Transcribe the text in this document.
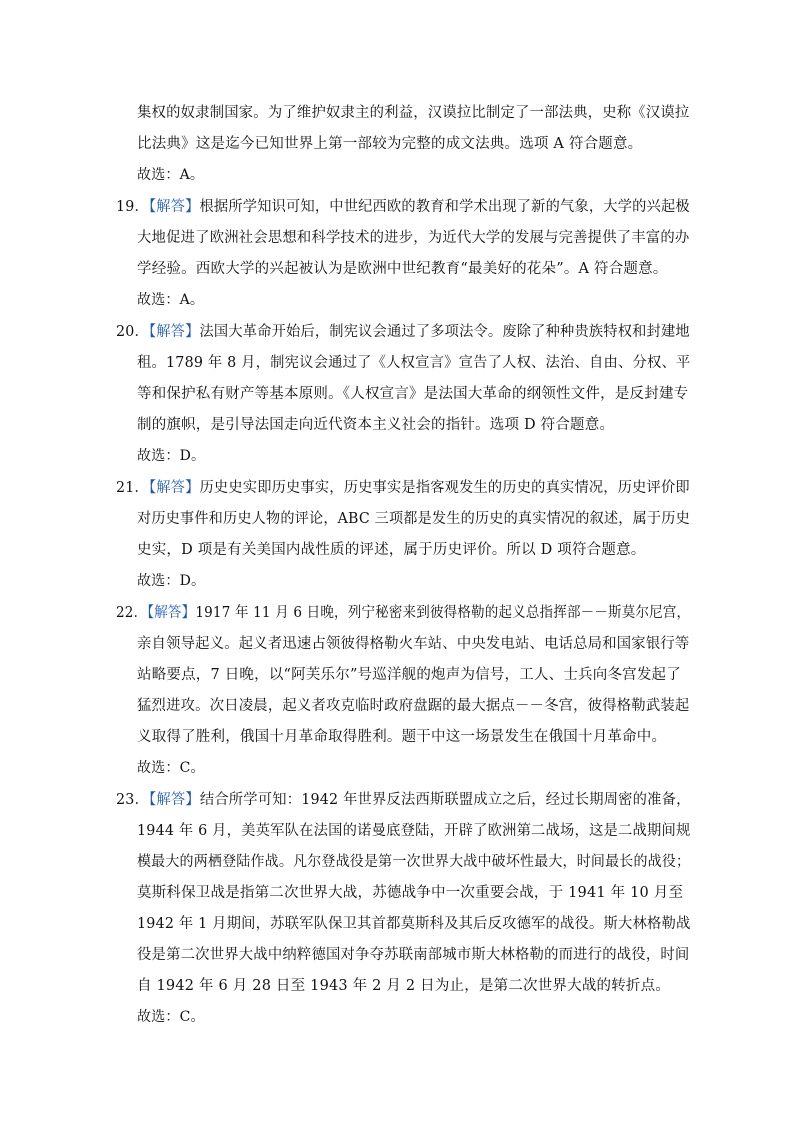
集权的奴隶制国家。为了维护奴隶主的利益，汉谟拉比制定了一部法典，史称《汉谟拉
比法典》这是迄今已知世界上第一部较为完整的成文法典。选项 A 符合题意。
故选：A。
19．【解答】根据所学知识可知，中世纪西欧的教育和学术出现了新的气象，大学的兴起极
大地促进了欧洲社会思想和科学技术的进步，为近代大学的发展与完善提供了丰富的办
学经验。西欧大学的兴起被认为是欧洲中世纪教育“最美好的花朵”。A 符合题意。
故选：A。
20．【解答】法国大革命开始后，制宪议会通过了多项法令。废除了种种贵族特权和封建地
租。1789 年 8 月，制宪议会通过了《人权宣言》宣告了人权、法治、自由、分权、平
等和保护私有财产等基本原则。《人权宣言》是法国大革命的纲领性文件，是反封建专
制的旗帜，是引导法国走向近代资本主义社会的指针。选项 D 符合题意。
故选：D。
21．【解答】历史史实即历史事实，历史事实是指客观发生的历史的真实情况，历史评价即
对历史事件和历史人物的评论，ABC 三项都是发生的历史的真实情况的叙述，属于历史
史实，D 项是有关美国内战性质的评述，属于历史评价。所以 D 项符合题意。
故选：D。
22．【解答】1917 年 11 月 6 日晚，列宁秘密来到彼得格勒的起义总指挥部－－斯莫尔尼宫，
亲自领导起义。起义者迅速占领彼得格勒火车站、中央发电站、电话总局和国家银行等
站略要点，7 日晚，以“阿芙乐尔”号巡洋舰的炮声为信号，工人、士兵向冬宫发起了
猛烈进攻。次日凌晨，起义者攻克临时政府盘踞的最大据点－－冬宫，彼得格勒武装起
义取得了胜利，俄国十月革命取得胜利。题干中这一场景发生在俄国十月革命中。
故选：C。
23．【解答】结合所学可知：1942 年世界反法西斯联盟成立之后，经过长期周密的准备，
1944 年 6 月，美英军队在法国的诺曼底登陆，开辟了欧洲第二战场，这是二战期间规
模最大的两栖登陆作战。凡尔登战役是第一次世界大战中破坏性最大，时间最长的战役；
莫斯科保卫战是指第二次世界大战，苏德战争中一次重要会战，于 1941 年 10 月至
1942 年 1 月期间，苏联军队保卫其首都莫斯科及其后反攻德军的战役。斯大林格勒战
役是第二次世界大战中纳粹德国对争夺苏联南部城市斯大林格勒的而进行的战役，时间
自 1942 年 6 月 28 日至 1943 年 2 月 2 日为止，是第二次世界大战的转折点。
故选：C。
